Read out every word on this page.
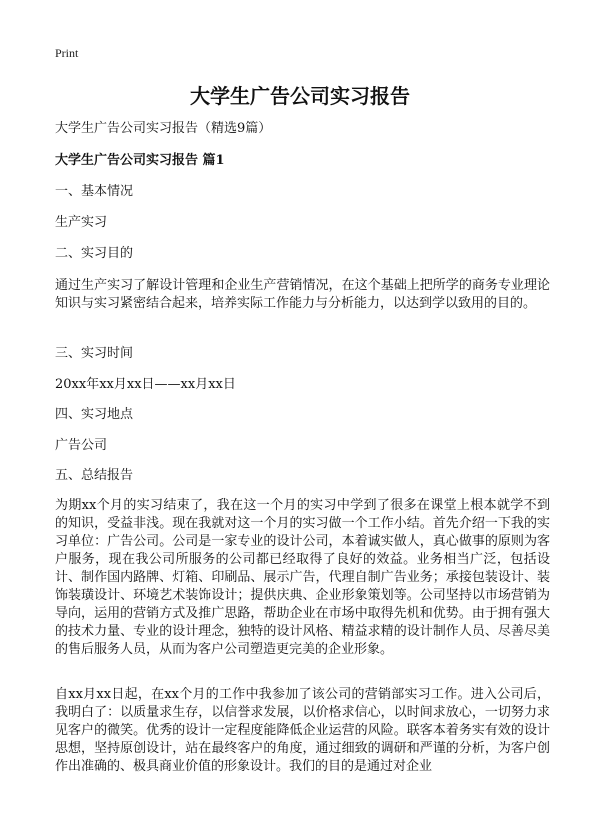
Print
大学生广告公司实习报告

大学生广告公司实习报告（精选9篇）

大学生广告公司实习报告 篇1

一、基本情况

生产实习

二、实习目的

通过生产实习了解设计管理和企业生产营销情况，在这个基础上把所学的商务专业理论知识与实习紧密结合起来，培养实际工作能力与分析能力，以达到学以致用的目的。

三、实习时间

20xx年xx月xx日——xx月xx日

四、实习地点

广告公司

五、总结报告

为期xx个月的实习结束了，我在这一个月的实习中学到了很多在课堂上根本就学不到的知识，受益非浅。现在我就对这一个月的实习做一个工作小结。首先介绍一下我的实习单位：广告公司。公司是一家专业的设计公司，本着诚实做人，真心做事的原则为客户服务，现在我公司所服务的公司都已经取得了良好的效益。业务相当广泛，包括设计、制作国内路牌、灯箱、印刷品、展示广告，代理自制广告业务；承接包装设计、装饰装璜设计、环境艺术装饰设计；提供庆典、企业形象策划等。公司坚持以市场营销为导向，运用的营销方式及推广思路，帮助企业在市场中取得先机和优势。由于拥有强大的技术力量、专业的设计理念，独特的设计风格、精益求精的设计制作人员、尽善尽美的售后服务人员，从而为客户公司塑造更完美的企业形象。

自xx月xx日起，在xx个月的工作中我参加了该公司的营销部实习工作。进入公司后，我明白了：以质量求生存，以信誉求发展，以价格求信心，以时间求放心，一切努力求见客户的微笑。优秀的设计一定程度能降低企业运营的风险。联客本着务实有效的设计思想，坚持原创设计，站在最终客户的角度，通过细致的调研和严谨的分析，为客户创作出准确的、极具商业价值的形象设计。我们的目的是通过对企业
